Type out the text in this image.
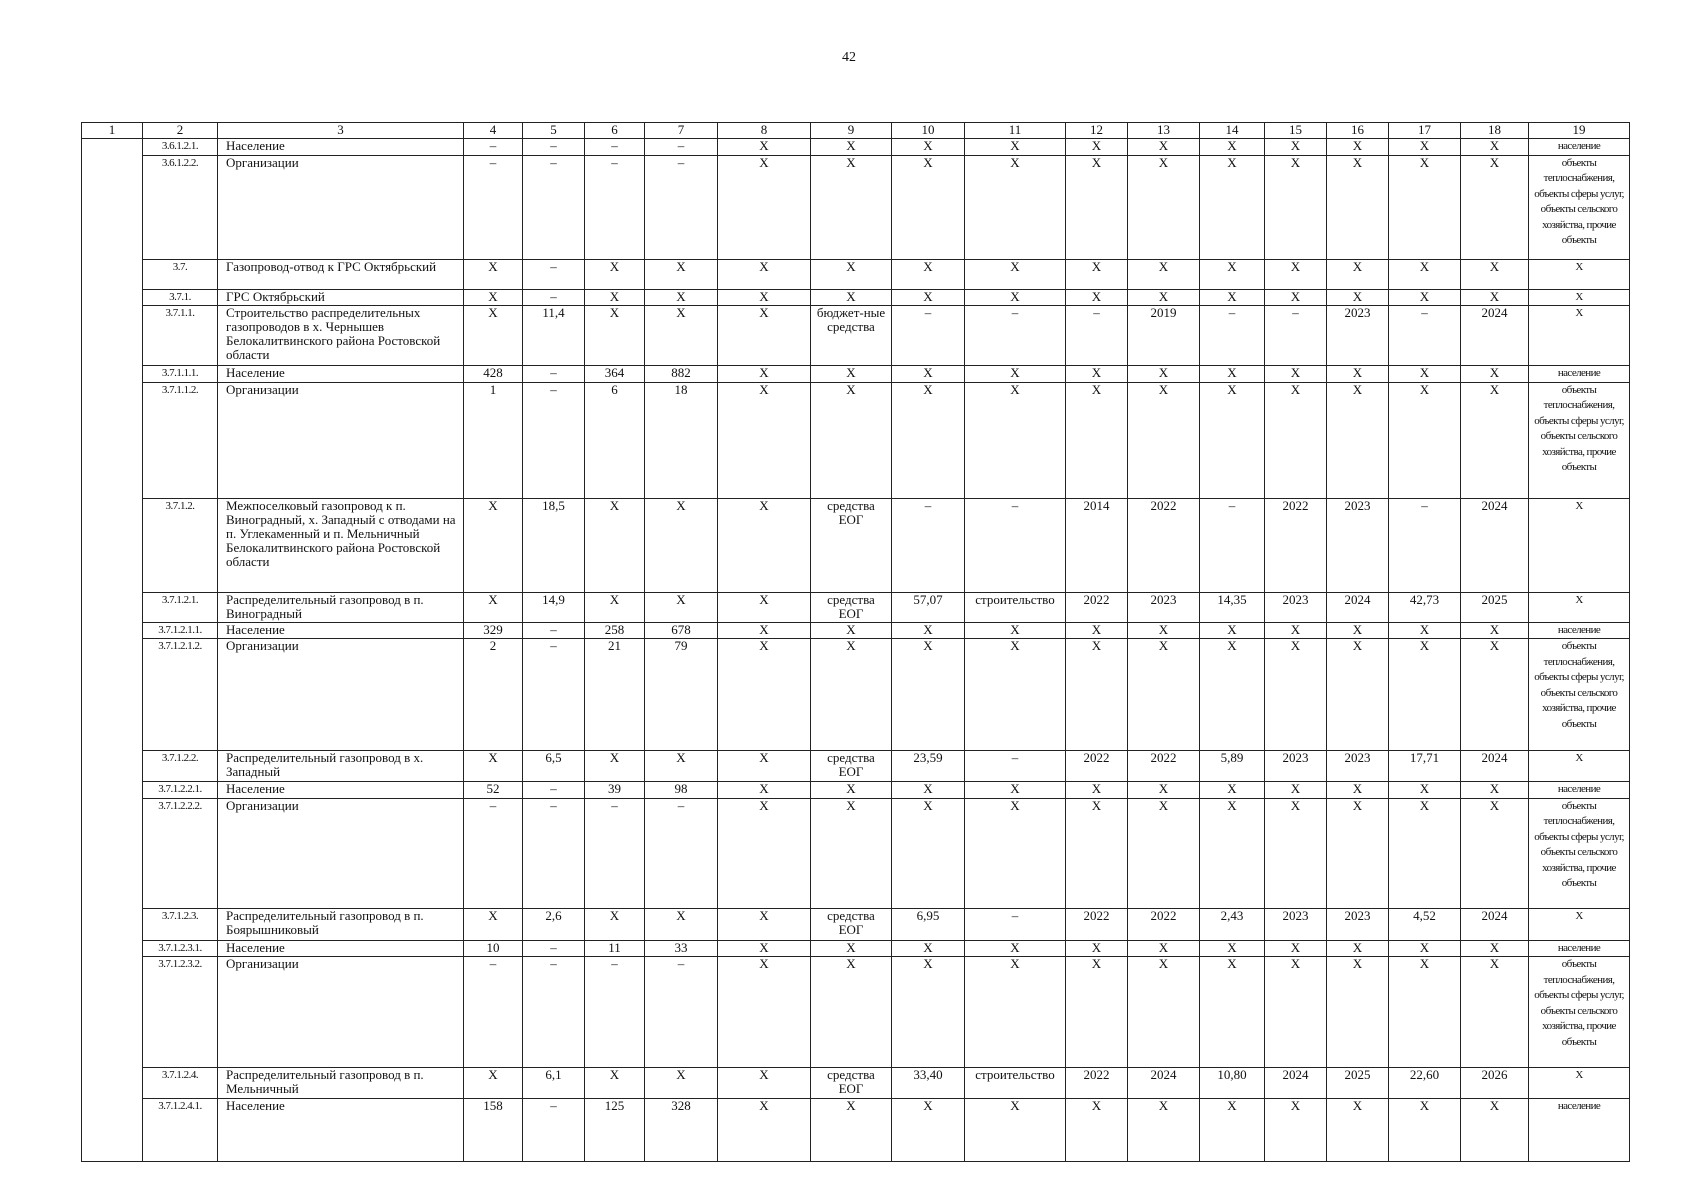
42
1	2	3	4	5	6	7	8	9	10	11	12	13	14	15	16	17	18	19
	3.6.1.2.1.	Население	–	–	–	–	Х	Х	Х	Х	Х	Х	Х	Х	Х	Х	Х	население
	3.6.1.2.2.	Организации	–	–	–	–	Х	Х	Х	Х	Х	Х	Х	Х	Х	Х	Х	объекты теплоснабжения, объекты сферы услуг, объекты сельского хозяйства, прочие объекты
	3.7.	Газопровод-отвод к ГРС Октябрьский	Х	–	Х	Х	Х	Х	Х	Х	Х	Х	Х	Х	Х	Х	Х	Х
	3.7.1.	ГРС Октябрьский	Х	–	Х	Х	Х	Х	Х	Х	Х	Х	Х	Х	Х	Х	Х	Х
	3.7.1.1.	Строительство распределительных газопроводов в х. Чернышев Белокалитвинского района Ростовской области	Х	11,4	Х	Х	Х	бюджет-ные средства	–	–	–	2019	–	–	2023	–	2024	Х
	3.7.1.1.1.	Население	428	–	364	882	Х	Х	Х	Х	Х	Х	Х	Х	Х	Х	Х	население
	3.7.1.1.2.	Организации	1	–	6	18	Х	Х	Х	Х	Х	Х	Х	Х	Х	Х	Х	объекты теплоснабжения, объекты сферы услуг, объекты сельского хозяйства, прочие объекты
	3.7.1.2.	Межпоселковый газопровод к п. Виноградный, х. Западный с отводами на п. Углекаменный и п. Мельничный Белокалитвинского района Ростовской области	Х	18,5	Х	Х	Х	средства ЕОГ	–	–	2014	2022	–	2022	2023	–	2024	Х
	3.7.1.2.1.	Распределительный газопровод в п. Виноградный	Х	14,9	Х	Х	Х	средства ЕОГ	57,07	строительство	2022	2023	14,35	2023	2024	42,73	2025	Х
	3.7.1.2.1.1.	Население	329	–	258	678	Х	Х	Х	Х	Х	Х	Х	Х	Х	Х	Х	население
	3.7.1.2.1.2.	Организации	2	–	21	79	Х	Х	Х	Х	Х	Х	Х	Х	Х	Х	Х	объекты теплоснабжения, объекты сферы услуг, объекты сельского хозяйства, прочие объекты
	3.7.1.2.2.	Распределительный газопровод в х. Западный	Х	6,5	Х	Х	Х	средства ЕОГ	23,59	–	2022	2022	5,89	2023	2023	17,71	2024	Х
	3.7.1.2.2.1.	Население	52	–	39	98	Х	Х	Х	Х	Х	Х	Х	Х	Х	Х	Х	население
	3.7.1.2.2.2.	Организации	–	–	–	–	Х	Х	Х	Х	Х	Х	Х	Х	Х	Х	Х	объекты теплоснабжения, объекты сферы услуг, объекты сельского хозяйства, прочие объекты
	3.7.1.2.3.	Распределительный газопровод в п. Боярышниковый	Х	2,6	Х	Х	Х	средства ЕОГ	6,95	–	2022	2022	2,43	2023	2023	4,52	2024	Х
	3.7.1.2.3.1.	Население	10	–	11	33	Х	Х	Х	Х	Х	Х	Х	Х	Х	Х	Х	население
	3.7.1.2.3.2.	Организации	–	–	–	–	Х	Х	Х	Х	Х	Х	Х	Х	Х	Х	Х	объекты теплоснабжения, объекты сферы услуг, объекты сельского хозяйства, прочие объекты
	3.7.1.2.4.	Распределительный газопровод в п. Мельничный	Х	6,1	Х	Х	Х	средства ЕОГ	33,40	строительство	2022	2024	10,80	2024	2025	22,60	2026	Х
	3.7.1.2.4.1.	Население	158	–	125	328	Х	Х	Х	Х	Х	Х	Х	Х	Х	Х	Х	население
